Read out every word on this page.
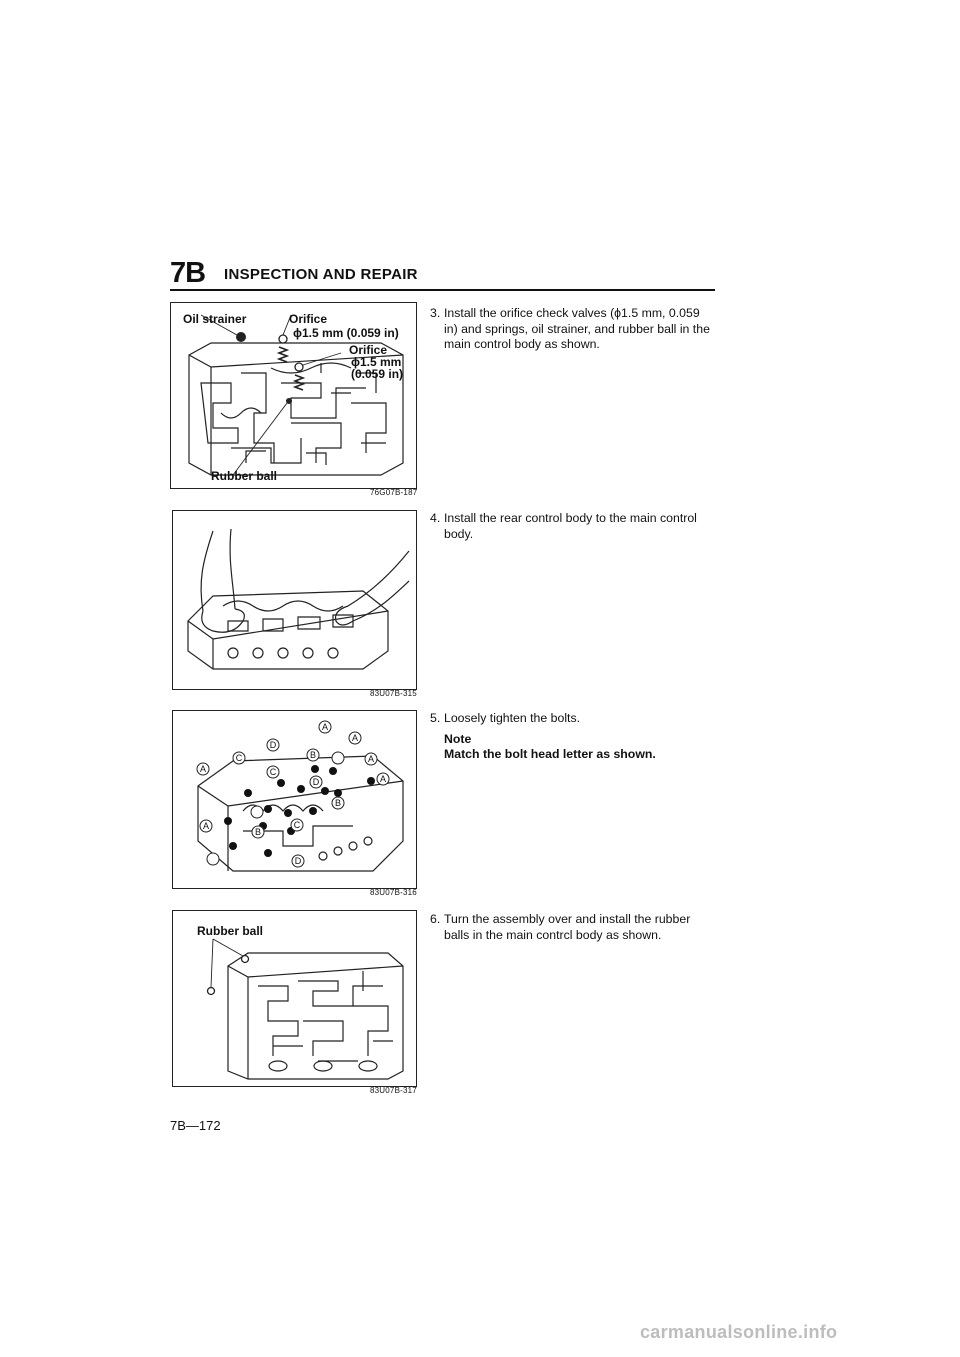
7B INSPECTION AND REPAIR
Oil strainer	Orifice
ϕ1.5 mm (0.059 in)
Orifice
ϕ1.5 mm
(0.059 in)
Rubber ball
76G07B-187
83U07B-315
A
A
A
A
A
A
B
B
B
C
C
C
D
D
D
83U07B-316
Rubber ball
83U07B-317
3. Install the orifice check valves (ϕ1.5 mm, 0.059 in) and springs, oil strainer, and rubber ball in the main control body as shown.
4. Install the rear control body to the main control body.
5. Loosely tighten the bolts.
Note
Match the bolt head letter as shown.
6. Turn the assembly over and install the rubber balls in the main contrcl body as shown.
7B—172
carmanualsonline.info
